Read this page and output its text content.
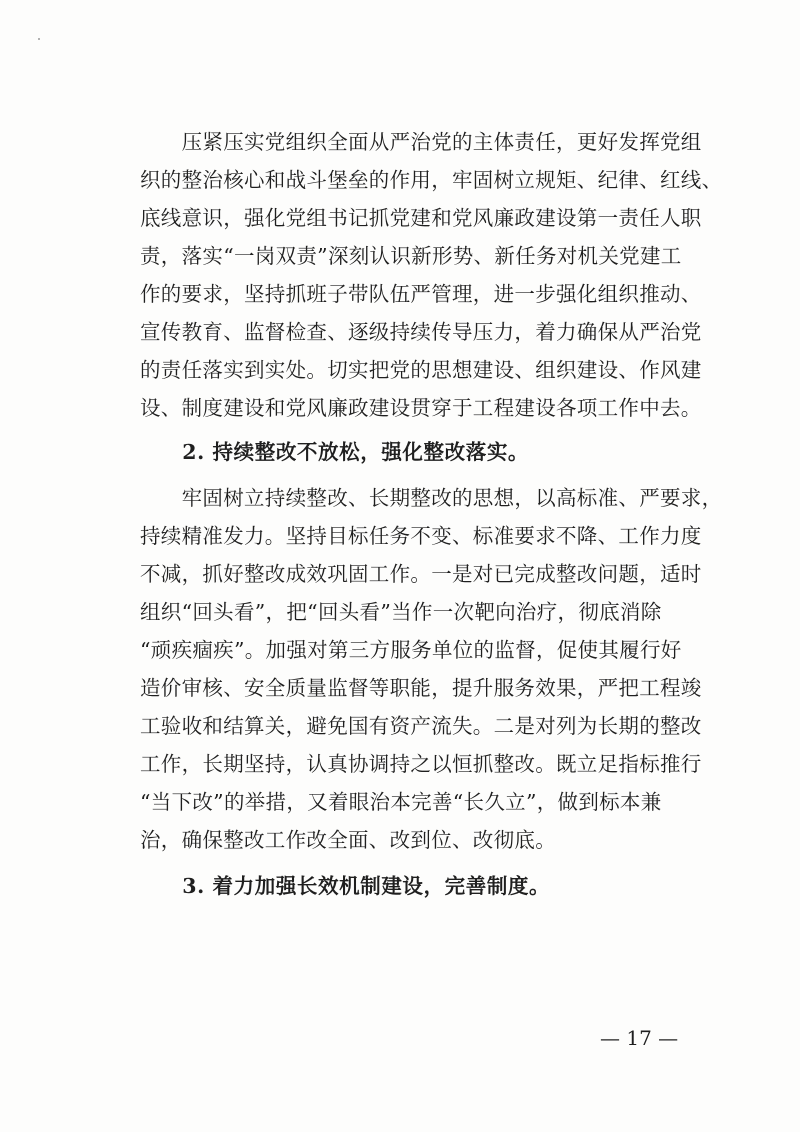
　　压紧压实党组织全面从严治党的主体责任，更好发挥党组
织的整治核心和战斗堡垒的作用，牢固树立规矩、纪律、红线、
底线意识，强化党组书记抓党建和党风廉政建设第一责任人职
责，落实“一岗双责”深刻认识新形势、新任务对机关党建工
作的要求，坚持抓班子带队伍严管理，进一步强化组织推动、
宣传教育、监督检查、逐级持续传导压力，着力确保从严治党
的责任落实到实处。切实把党的思想建设、组织建设、作风建
设、制度建设和党风廉政建设贯穿于工程建设各项工作中去。
　　2. 持续整改不放松，强化整改落实。
　　牢固树立持续整改、长期整改的思想，以高标准、严要求，
持续精准发力。坚持目标任务不变、标准要求不降、工作力度
不减，抓好整改成效巩固工作。一是对已完成整改问题，适时
组织“回头看”，把“回头看”当作一次靶向治疗，彻底消除
“顽疾痼疾”。加强对第三方服务单位的监督，促使其履行好
造价审核、安全质量监督等职能，提升服务效果，严把工程竣
工验收和结算关，避免国有资产流失。二是对列为长期的整改
工作，长期坚持，认真协调持之以恒抓整改。既立足指标推行
“当下改”的举措，又着眼治本完善“长久立”，做到标本兼
治，确保整改工作改全面、改到位、改彻底。
　　3. 着力加强长效机制建设，完善制度。
— 17 —
